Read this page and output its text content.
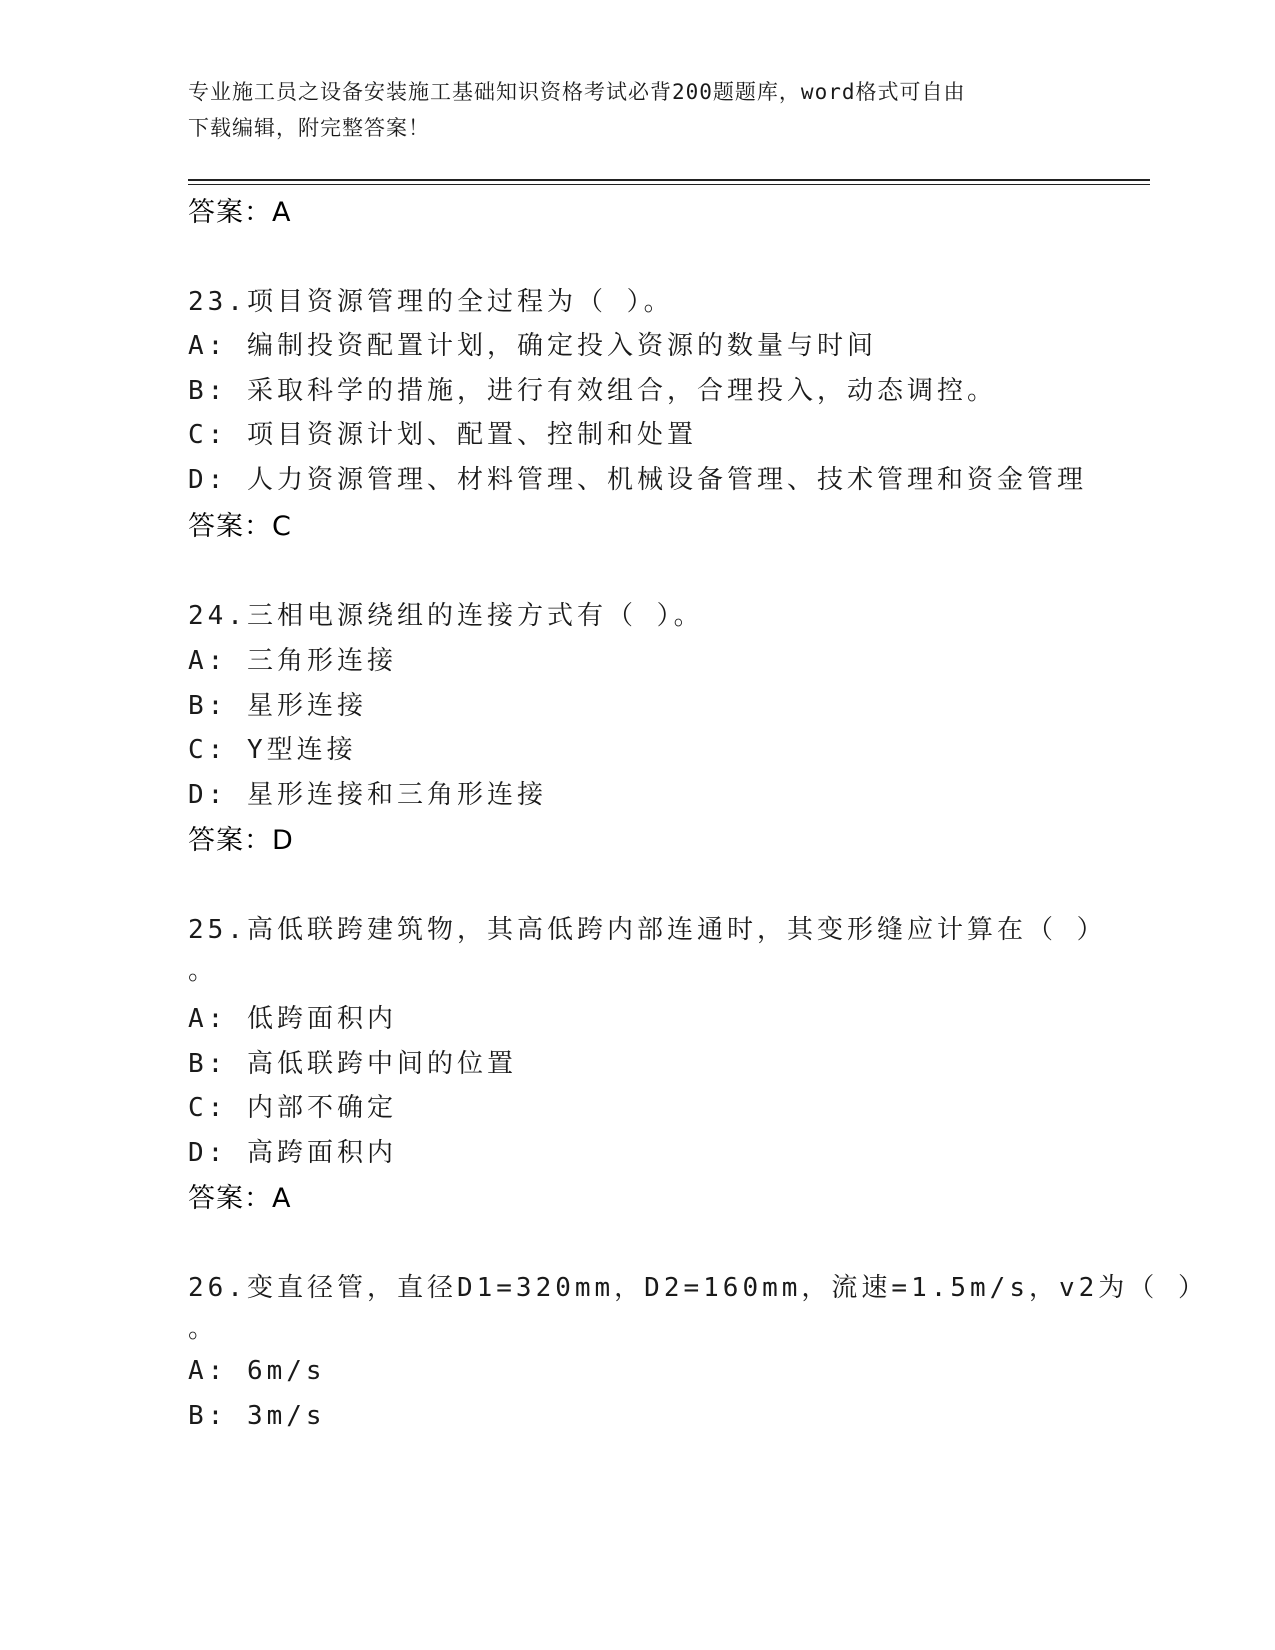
专业施工员之设备安装施工基础知识资格考试必背200题题库，word格式可自由
下载编辑，附完整答案！
答案：A
23.项目资源管理的全过程为（ ）。
A: 编制投资配置计划，确定投入资源的数量与时间
B: 采取科学的措施，进行有效组合，合理投入，动态调控。
C: 项目资源计划、配置、控制和处置
D: 人力资源管理、材料管理、机械设备管理、技术管理和资金管理
答案：C
24.三相电源绕组的连接方式有（ ）。
A: 三角形连接
B: 星形连接
C: Y型连接
D: 星形连接和三角形连接
答案：D
25.高低联跨建筑物，其高低跨内部连通时，其变形缝应计算在（ ）
。
A: 低跨面积内
B: 高低联跨中间的位置
C: 内部不确定
D: 高跨面积内
答案：A
26.变直径管，直径D1=320mm，D2=160mm，流速=1.5m/s，v2为（ ）
。
A: 6m/s
B: 3m/s
